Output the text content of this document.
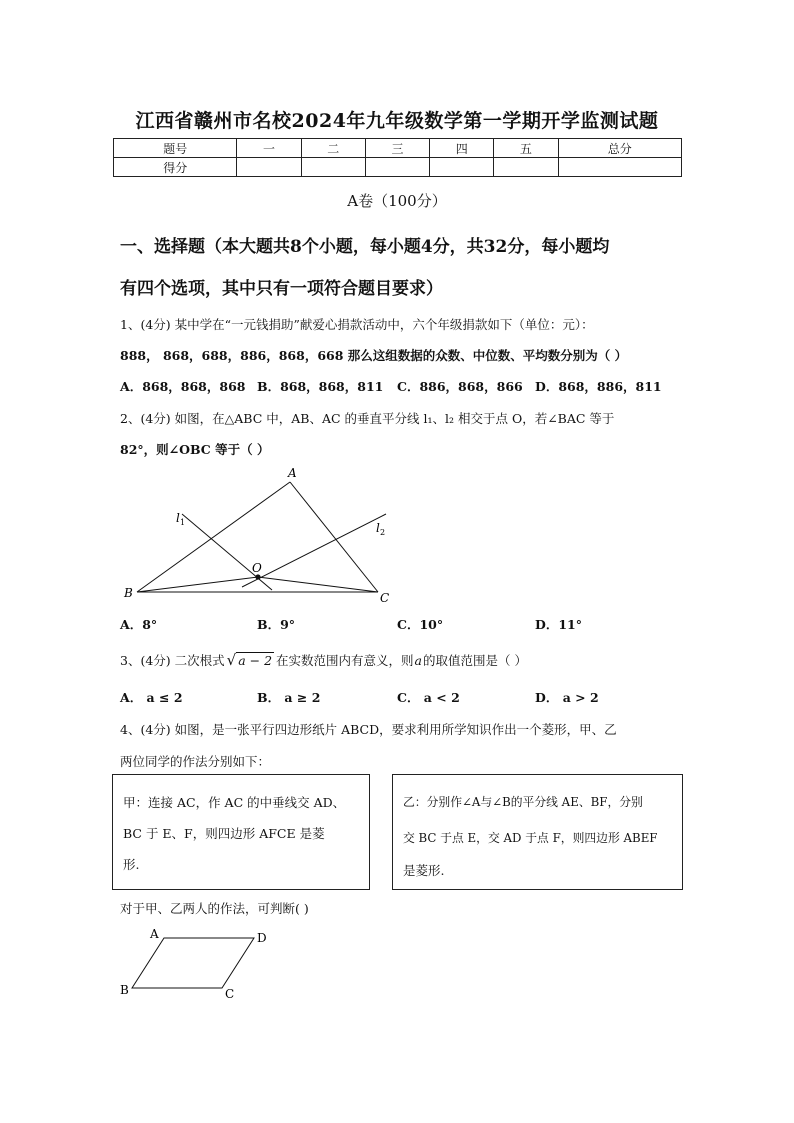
江西省赣州市名校2024年九年级数学第一学期开学监测试题
题号	一	二	三	四	五	总分
得分						
A卷（100分）
一、选择题（本大题共8个小题，每小题4分，共32分，每小题均
有四个选项，其中只有一项符合题目要求）
1、(4分) 某中学在“一元钱捐助”献爱心捐款活动中，六个年级捐款如下（单位：元）：
888， 868，688，886，868，668 那么这组数据的众数、中位数、平均数分别为（ ）
A．868，868，868 B．868，868，811 C．886，868，866 D．868，886，811
2、(4分) 如图，在△ABC 中，AB、AC 的垂直平分线 l₁、l₂ 相交于点 O，若∠BAC 等于
82°，则∠OBC 等于（ ）
A
B	C
O
l 1	l 2
A．8°	B．9°	C．10°	D．11°
3、(4分) 二次根式 √ a − 2 在实数范围内有意义，则 a 的取值范围是（ ）
A． a ≤ 2	B． a ≥ 2	C． a < 2	D． a > 2
4、(4分) 如图，是一张平行四边形纸片 ABCD，要求利用所学知识作出一个菱形，甲、乙
两位同学的作法分别如下：
甲：连接 AC，作 AC 的中垂线交 AD、
BC 于 E、F，则四边形 AFCE 是菱
形.
乙：分别作∠A与∠B的平分线 AE、BF，分别
交 BC 于点 E，交 AD 于点 F，则四边形 ABEF
是菱形.
对于甲、乙两人的作法，可判断( )
A	D
B	C
